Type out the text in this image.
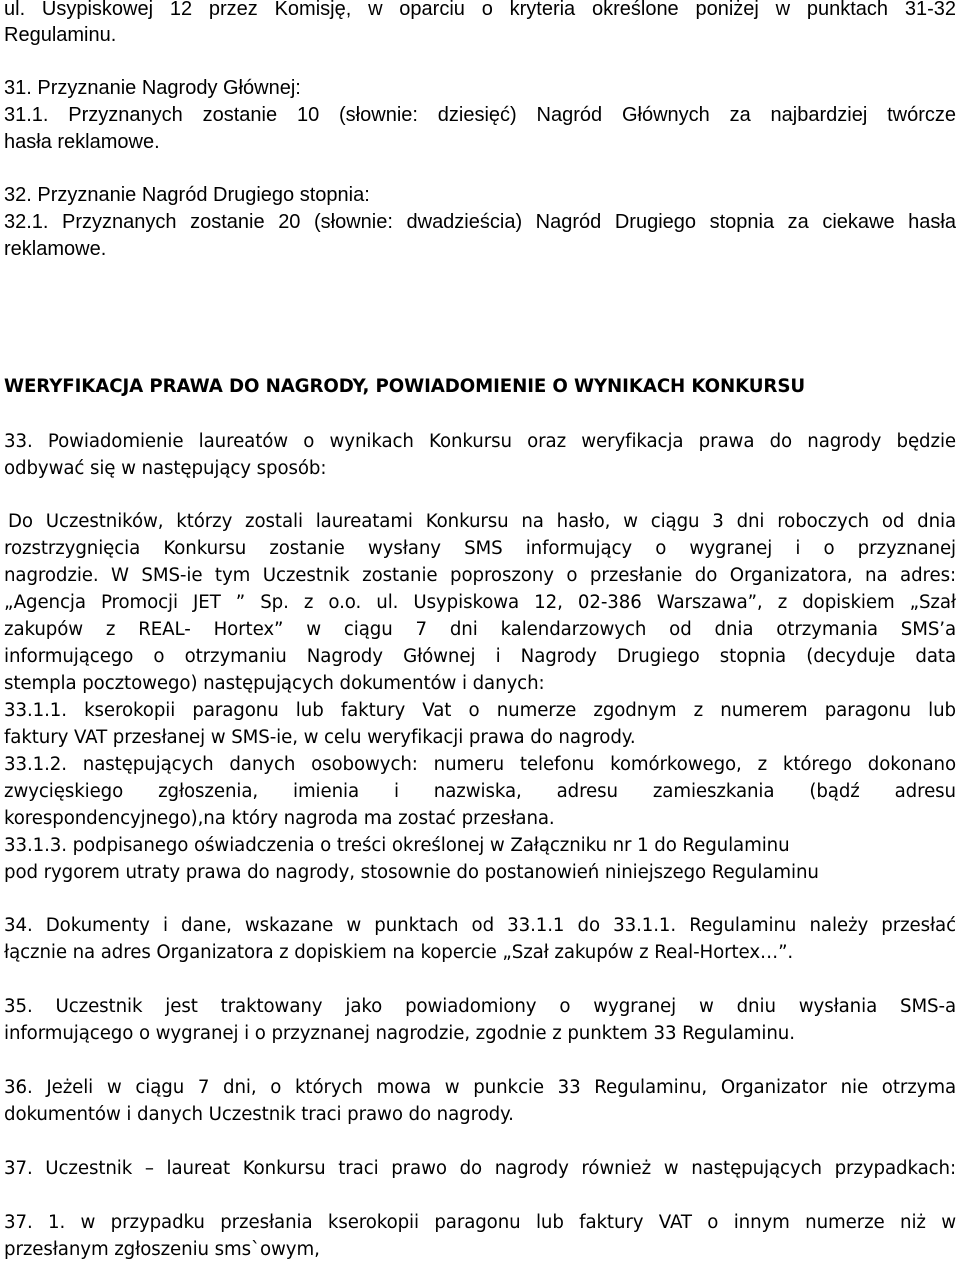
ul. Usypiskowej 12 przez Komisję, w oparciu o kryteria określone poniżej w punktach 31-32
Regulaminu.
31. Przyznanie Nagrody Głównej:
31.1. Przyznanych zostanie 10 (słownie: dziesięć) Nagród Głównych za najbardziej twórcze
hasła reklamowe.
32. Przyznanie Nagród Drugiego stopnia:
32.1. Przyznanych zostanie 20 (słownie: dwadzieścia) Nagród Drugiego stopnia za ciekawe hasła
reklamowe.
WERYFIKACJA PRAWA DO NAGRODY, POWIADOMIENIE O WYNIKACH KONKURSU
33. Powiadomienie laureatów o wynikach Konkursu oraz weryfikacja prawa do nagrody będzie
odbywać się w następujący sposób:
Do Uczestników, którzy zostali laureatami Konkursu na hasło, w ciągu 3 dni roboczych od dnia
rozstrzygnięcia Konkursu zostanie wysłany SMS informujący o wygranej i o przyznanej
nagrodzie. W SMS-ie tym Uczestnik zostanie poproszony o przesłanie do Organizatora, na adres:
„Agencja Promocji JET ” Sp. z o.o. ul. Usypiskowa 12, 02-386 Warszawa”, z dopiskiem „Szał
zakupów z REAL- Hortex” w ciągu 7 dni kalendarzowych od dnia otrzymania SMS’a
informującego o otrzymaniu Nagrody Głównej i Nagrody Drugiego stopnia (decyduje data
stempla pocztowego) następujących dokumentów i danych:
33.1.1. kserokopii paragonu lub faktury Vat o numerze zgodnym z numerem paragonu lub
faktury VAT przesłanej w SMS-ie, w celu weryfikacji prawa do nagrody.
33.1.2. następujących danych osobowych: numeru telefonu komórkowego, z którego dokonano
zwycięskiego zgłoszenia, imienia i nazwiska, adresu zamieszkania (bądź adresu
korespondencyjnego),na który nagroda ma zostać przesłana.
33.1.3. podpisanego oświadczenia o treści określonej w Załączniku nr 1 do Regulaminu
pod rygorem utraty prawa do nagrody, stosownie do postanowień niniejszego Regulaminu
34. Dokumenty i dane, wskazane w punktach od 33.1.1 do 33.1.1. Regulaminu należy przesłać
łącznie na adres Organizatora z dopiskiem na kopercie „Szał zakupów z Real-Hortex…”.
35. Uczestnik jest traktowany jako powiadomiony o wygranej w dniu wysłania SMS-a
informującego o wygranej i o przyznanej nagrodzie, zgodnie z punktem 33 Regulaminu.
36. Jeżeli w ciągu 7 dni, o których mowa w punkcie 33 Regulaminu, Organizator nie otrzyma
dokumentów i danych Uczestnik traci prawo do nagrody.
37. Uczestnik – laureat Konkursu traci prawo do nagrody również w następujących przypadkach:
37. 1. w przypadku przesłania kserokopii paragonu lub faktury VAT o innym numerze niż w
przesłanym zgłoszeniu sms`owym,
